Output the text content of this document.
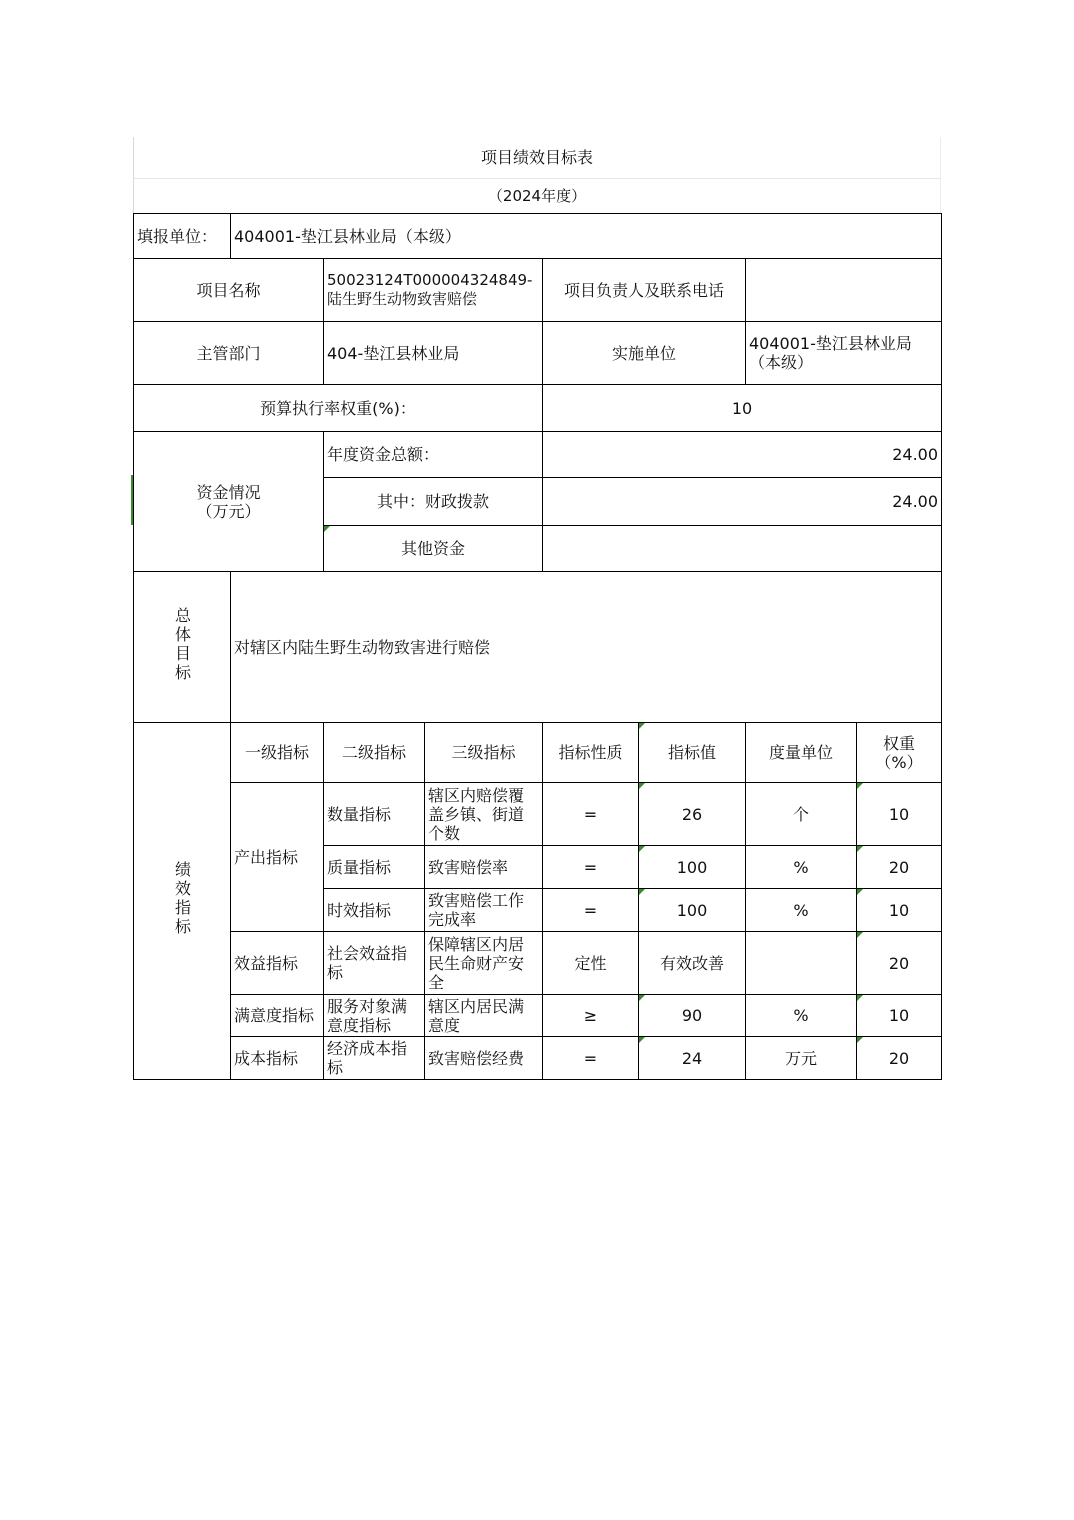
项目绩效目标表
（2024年度）
填报单位：	404001-垫江县林业局（本级）						
项目名称		50023124T000004324849-陆生野生动物致害赔偿		项目负责人及联系电话			
主管部门		404-垫江县林业局		实施单位		404001-垫江县林业局（本级）	
预算执行率权重(%)：				10			

资金情况
（万元）		年度资金总额：		24.00			
		其中：财政拨款		24.00			
		其他资金					
总体目标	对辖区内陆生野生动物致害进行赔偿						
绩效指标	一级指标	二级指标	三级指标	指标性质	指标值	度量单位	权重
（%）

	产出指标	数量指标	辖区内赔偿覆盖乡镇、街道个数	=	26	个	10
		质量指标	致害赔偿率	=	100	%	20
		时效指标	致害赔偿工作完成率	=	100	%	10
	效益指标	社会效益指标	保障辖区内居民生命财产安全	定性	有效改善		20
	满意度指标	服务对象满意度指标	辖区内居民满意度	≥	90	%	10
	成本指标	经济成本指标	致害赔偿经费	=	24	万元	20
